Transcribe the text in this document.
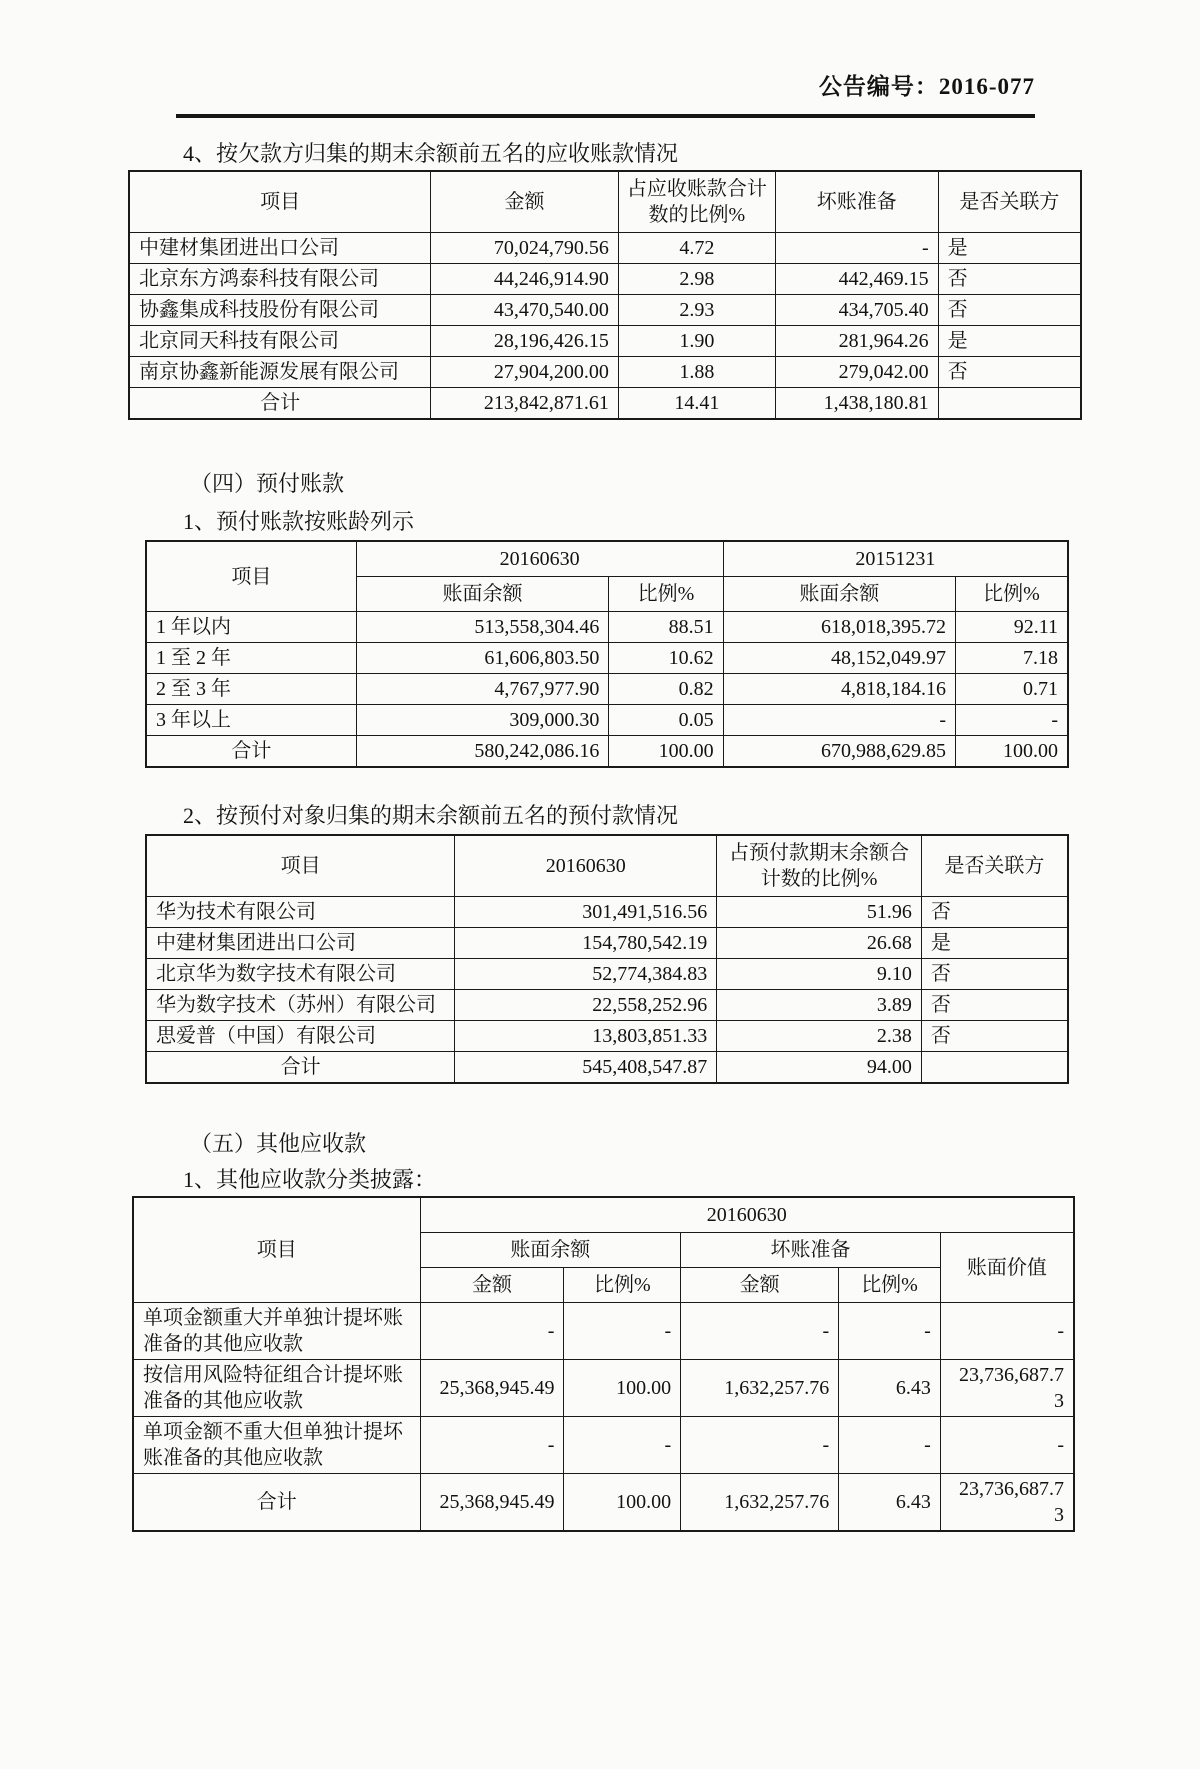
公告编号：2016-077
4、按欠款方归集的期末余额前五名的应收账款情况
项目	金额	占应收账款合计数的比例%	坏账准备	是否关联方
中建材集团进出口公司	70,024,790.56	4.72	-	是
北京东方鸿泰科技有限公司	44,246,914.90	2.98	442,469.15	否
协鑫集成科技股份有限公司	43,470,540.00	2.93	434,705.40	否
北京同天科技有限公司	28,196,426.15	1.90	281,964.26	是
南京协鑫新能源发展有限公司	27,904,200.00	1.88	279,042.00	否
合计	213,842,871.61	14.41	1,438,180.81	
（四）预付账款
1、预付账款按账龄列示
项目	20160630		20151231	
	账面余额	比例%	账面余额	比例%
1 年以内	513,558,304.46	88.51	618,018,395.72	92.11
1 至 2 年	61,606,803.50	10.62	48,152,049.97	7.18
2 至 3 年	4,767,977.90	0.82	4,818,184.16	0.71
3 年以上	309,000.30	0.05	-	-
合计	580,242,086.16	100.00	670,988,629.85	100.00
2、按预付对象归集的期末余额前五名的预付款情况
项目	20160630	占预付款期末余额合计数的比例%	是否关联方
华为技术有限公司	301,491,516.56	51.96	否
中建材集团进出口公司	154,780,542.19	26.68	是
北京华为数字技术有限公司	52,774,384.83	9.10	否
华为数字技术（苏州）有限公司	22,558,252.96	3.89	否
思爱普（中国）有限公司	13,803,851.33	2.38	否
合计	545,408,547.87	94.00	
（五）其他应收款
1、其他应收款分类披露：
项目	20160630				
	账面余额		坏账准备		账面价值
	金额	比例%	金额	比例%	
单项金额重大并单独计提坏账准备的其他应收款	-	-	-	-	-
按信用风险特征组合计提坏账准备的其他应收款	25,368,945.49	100.00	1,632,257.76	6.43	23,736,687.73
单项金额不重大但单独计提坏账准备的其他应收款	-	-	-	-	-
合计	25,368,945.49	100.00	1,632,257.76	6.43	23,736,687.73
